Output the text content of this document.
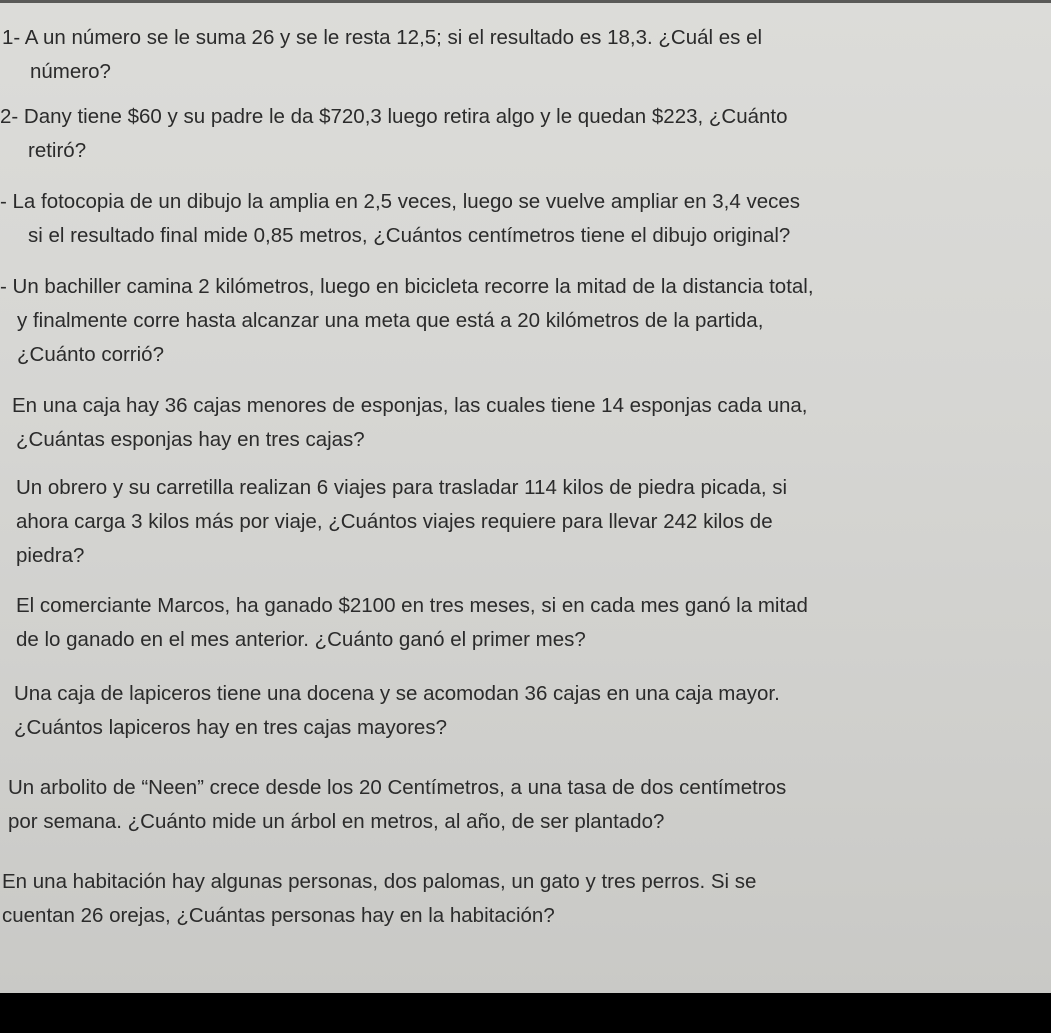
1- A un número se le suma 26 y se le resta 12,5; si el resultado es 18,3. ¿Cuál es el
número?
2- Dany tiene $60 y su padre le da $720,3 luego retira algo y le quedan $223, ¿Cuánto
retiró?
- La fotocopia de un dibujo la amplia en 2,5 veces, luego se vuelve ampliar en 3,4 veces
si el resultado final mide 0,85 metros, ¿Cuántos centímetros tiene el dibujo original?
- Un bachiller camina 2 kilómetros, luego en bicicleta recorre la mitad de la distancia total,
y finalmente corre hasta alcanzar una meta que está a 20 kilómetros de la partida,
¿Cuánto corrió?
En una caja hay 36 cajas menores de esponjas, las cuales tiene 14 esponjas cada una,
¿Cuántas esponjas hay en tres cajas?
Un obrero y su carretilla realizan 6 viajes para trasladar 114 kilos de piedra picada, si
ahora carga 3 kilos más por viaje, ¿Cuántos viajes requiere para llevar 242 kilos de
piedra?
El comerciante Marcos, ha ganado $2100 en tres meses, si en cada mes ganó la mitad
de lo ganado en el mes anterior. ¿Cuánto ganó el primer mes?
Una caja de lapiceros tiene una docena y se acomodan 36 cajas en una caja mayor.
¿Cuántos lapiceros hay en tres cajas mayores?
Un arbolito de “Neen” crece desde los 20 Centímetros, a una tasa de dos centímetros
por semana. ¿Cuánto mide un árbol en metros, al año, de ser plantado?
En una habitación hay algunas personas, dos palomas, un gato y tres perros. Si se
cuentan 26 orejas, ¿Cuántas personas hay en la habitación?
